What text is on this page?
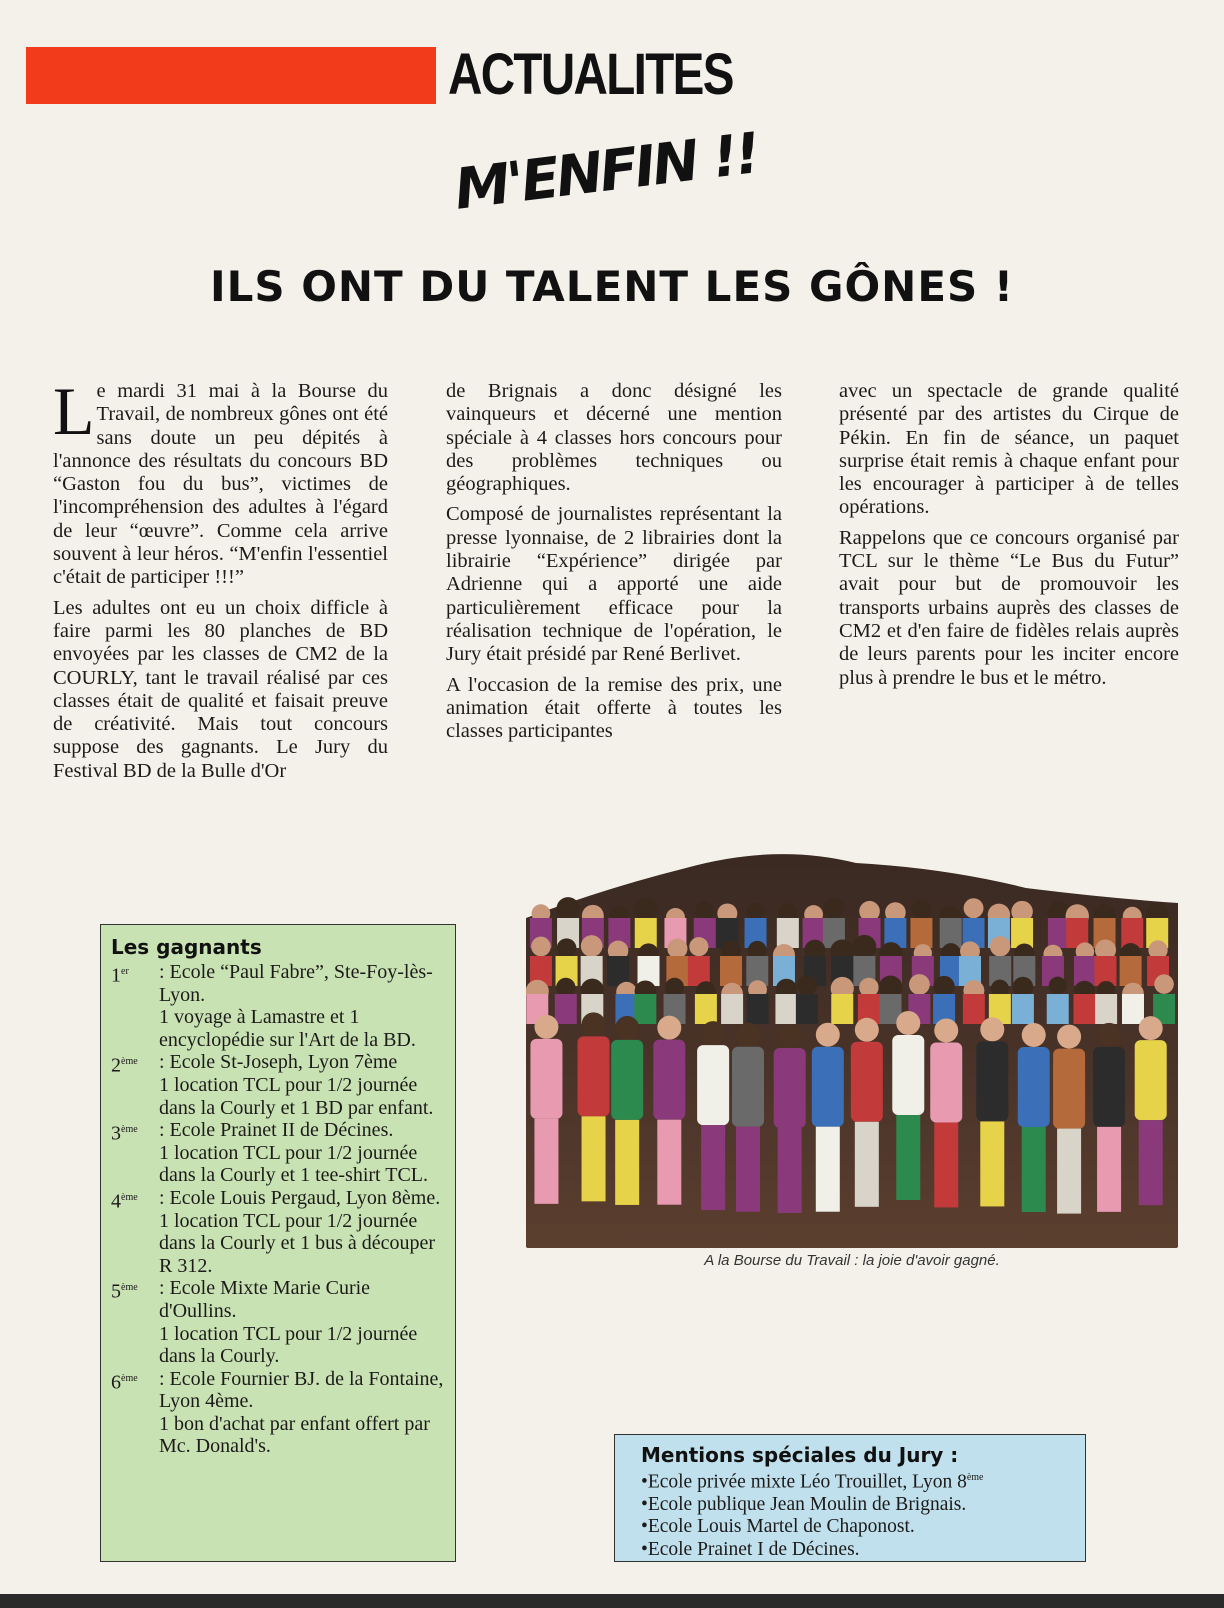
ACTUALITES
M'ENFIN !!
ILS ONT DU TALENT LES GÔNES !

Le mardi 31 mai à la Bourse du Travail, de nombreux gônes ont été sans doute un peu dépités à l'annonce des résultats du concours BD “Gaston fou du bus”, victimes de l'incompréhension des adultes à l'égard de leur “œuvre”. Comme cela arrive souvent à leur héros. “M'enfin l'essentiel c'était de participer !!!”

Les adultes ont eu un choix difficle à faire parmi les 80 planches de BD envoyées par les classes de CM2 de la COURLY, tant le travail réalisé par ces classes était de qualité et faisait preuve de créativité. Mais tout concours suppose des gagnants. Le Jury du Festival BD de la Bulle d'Or

de Brignais a donc désigné les vainqueurs et décerné une mention spéciale à 4 classes hors concours pour des problèmes techniques ou géographiques.

Composé de journalistes représentant la presse lyonnaise, de 2 librairies dont la librairie “Expérience” dirigée par Adrienne qui a apporté une aide particulièrement efficace pour la réalisation technique de l'opération, le Jury était présidé par René Berlivet.

A l'occasion de la remise des prix, une animation était offerte à toutes les classes participantes

avec un spectacle de grande qualité présenté par des artistes du Cirque de Pékin. En fin de séance, un paquet surprise était remis à chaque enfant pour les encourager à participer à de telles opérations.

Rappelons que ce concours organisé par TCL sur le thème “Le Bus du Futur” avait pour but de promouvoir les transports urbains auprès des classes de CM2 et d'en faire de fidèles relais auprès de leurs parents pour les inciter encore plus à prendre le bus et le métro.

A la Bourse du Travail : la joie d'avoir gagné.
Les gagnants
1er	: Ecole “Paul Fabre”, Ste-Foy-lès-Lyon.
1 voyage à Lamastre et 1 encyclopédie sur l'Art de la BD.
2ème	: Ecole St-Joseph, Lyon 7ème
1 location TCL pour 1/2 journée dans la Courly et 1 BD par enfant.
3ème	: Ecole Prainet II de Décines.
1 location TCL pour 1/2 journée dans la Courly et 1 tee-shirt TCL.
4ème	: Ecole Louis Pergaud, Lyon 8ème.
1 location TCL pour 1/2 journée dans la Courly et 1 bus à découper R 312.
5ème	: Ecole Mixte Marie Curie d'Oullins.
1 location TCL pour 1/2 journée dans la Courly.
6ème	: Ecole Fournier BJ. de la Fontaine, Lyon 4ème.
1 bon d'achat par enfant offert par Mc. Donald's.	Mentions spéciales du Jury :
•Ecole privée mixte Léo Trouillet, Lyon 8ème
•Ecole publique Jean Moulin de Brignais.
•Ecole Louis Martel de Chaponost.
•Ecole Prainet I de Décines.
